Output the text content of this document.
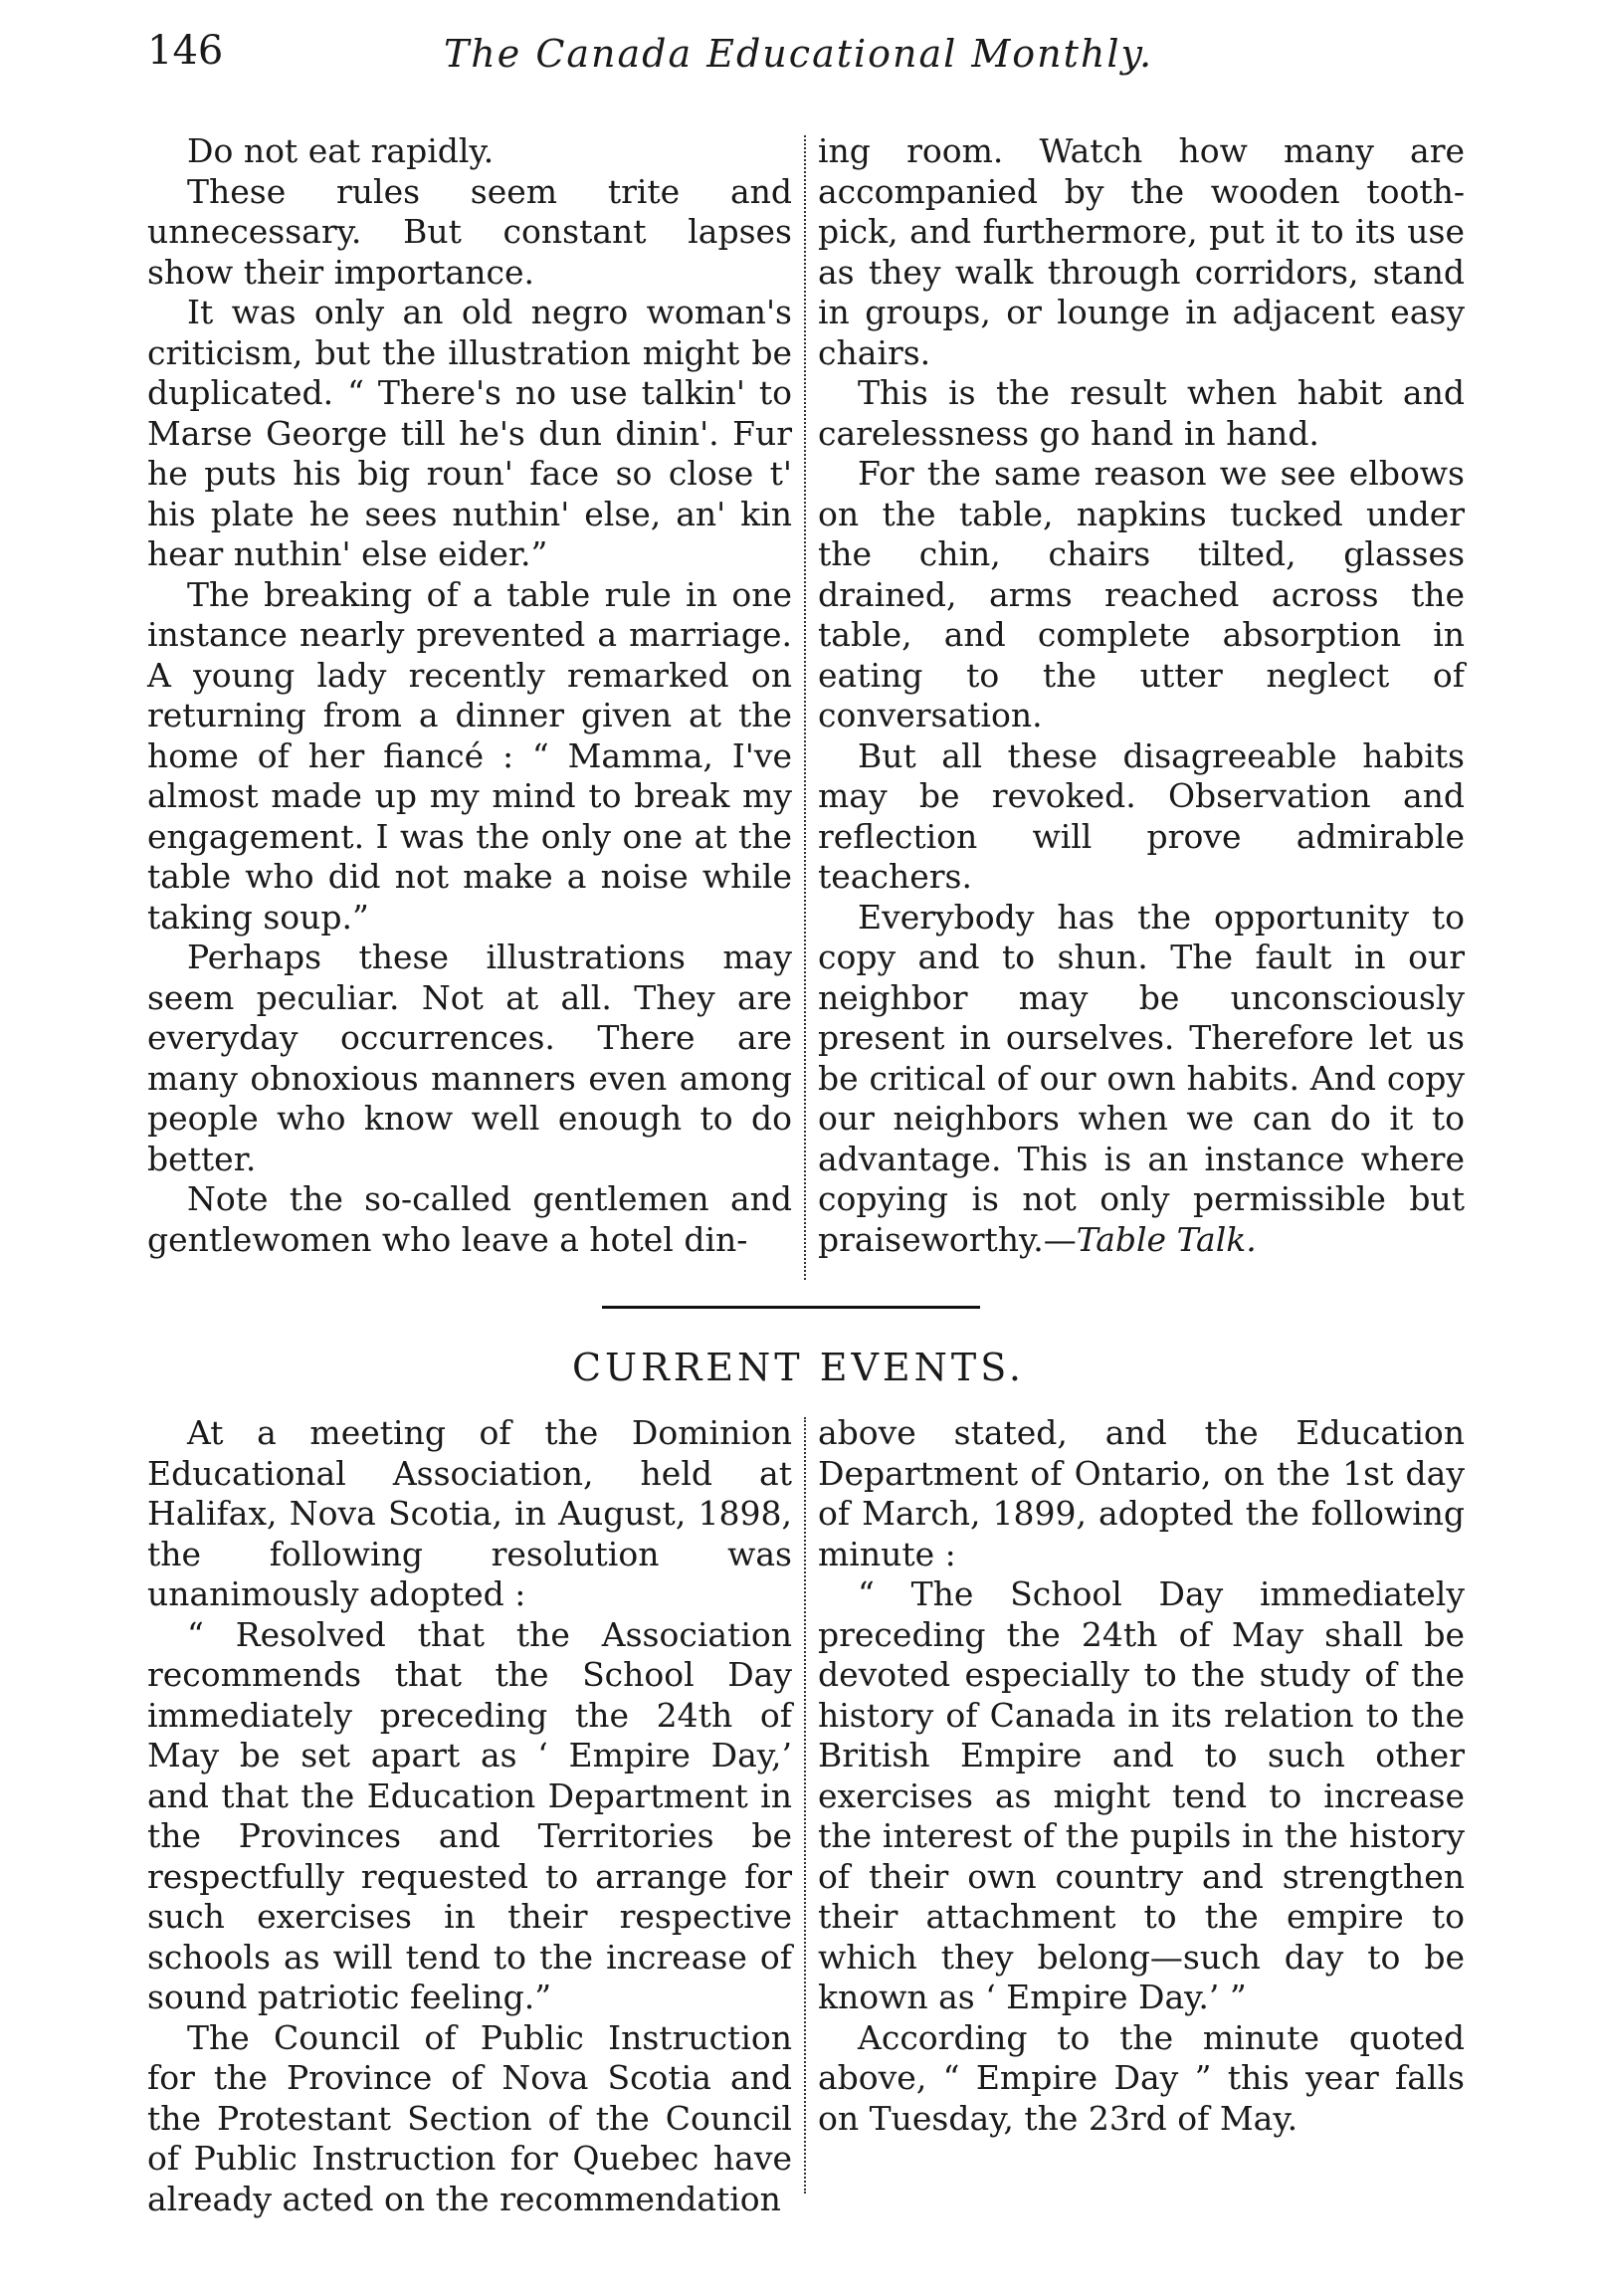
146	The Canada Educational Monthly.

Do not eat rapidly.

These rules seem trite and unnecessary. But constant lapses show their importance.

It was only an old negro woman's criticism, but the illustration might be duplicated. “ There's no use talkin' to Marse George till he's dun dinin'. Fur he puts his big roun' face so close t' his plate he sees nuthin' else, an' kin hear nuthin' else eider.”

The breaking of a table rule in one instance nearly prevented a marriage. A young lady recently remarked on returning from a dinner given at the home of her fiancé : “ Mamma, I've almost made up my mind to break my engagement. I was the only one at the table who did not make a noise while taking soup.”

Perhaps these illustrations may seem peculiar. Not at all. They are everyday occurrences. There are many obnoxious manners even among people who know well enough to do better.

Note the so-called gentlemen and gentlewomen who leave a hotel din-

ing room. Watch how many are accompanied by the wooden tooth-pick, and furthermore, put it to its use as they walk through corridors, stand in groups, or lounge in adjacent easy chairs.

This is the result when habit and carelessness go hand in hand.

For the same reason we see elbows on the table, napkins tucked under the chin, chairs tilted, glasses drained, arms reached across the table, and complete absorption in eating to the utter neglect of conversation.

But all these disagreeable habits may be revoked. Observation and reflection will prove admirable teachers.

Everybody has the opportunity to copy and to shun. The fault in our neighbor may be unconsciously present in ourselves. Therefore let us be critical of our own habits. And copy our neighbors when we can do it to advantage. This is an instance where copying is not only permissible but praiseworthy.—Table Talk.

CURRENT EVENTS.

At a meeting of the Dominion Educational Association, held at Halifax, Nova Scotia, in August, 1898, the following resolution was unanimously adopted :

“ Resolved that the Association recommends that the School Day immediately preceding the 24th of May be set apart as ‘ Empire Day,’ and that the Education Department in the Provinces and Territories be respectfully requested to arrange for such exercises in their respective schools as will tend to the increase of sound patriotic feeling.”

The Council of Public Instruction for the Province of Nova Scotia and the Protestant Section of the Council of Public Instruction for Quebec have already acted on the recommendation

above stated, and the Education Department of Ontario, on the 1st day of March, 1899, adopted the following minute :

“ The School Day immediately preceding the 24th of May shall be devoted especially to the study of the history of Canada in its relation to the British Empire and to such other exercises as might tend to increase the interest of the pupils in the history of their own country and strengthen their attachment to the empire to which they belong—such day to be known as ‘ Empire Day.’ ”

According to the minute quoted above, “ Empire Day ” this year falls on Tuesday, the 23rd of May.
